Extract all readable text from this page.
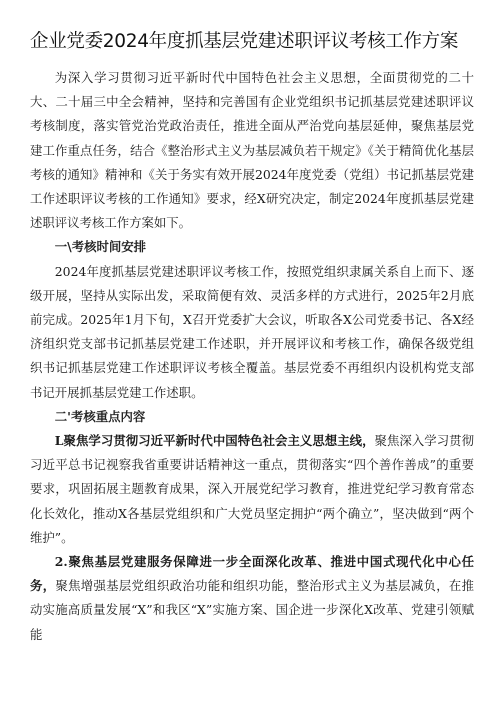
企业党委2024年度抓基层党建述职评议考核工作方案

为深入学习贯彻习近平新时代中国特色社会主义思想，全面贯彻党的二十大、二十届三中全会精神，坚持和完善国有企业党组织书记抓基层党建述职评议考核制度，落实管党治党政治责任，推进全面从严治党向基层延伸，聚焦基层党建工作重点任务，结合《整治形式主义为基层减负若干规定》《关于精简优化基层考核的通知》精神和《关于务实有效开展2024年度党委（党组）书记抓基层党建工作述职评议考核的工作通知》要求，经X研究决定，制定2024年度抓基层党建述职评议考核工作方案如下。

一\考核时间安排

2024年度抓基层党建述职评议考核工作，按照党组织隶属关系自上而下、逐级开展，坚持从实际出发，采取简便有效、灵活多样的方式进行，2025年2月底前完成。2025年1月下旬，X召开党委扩大会议，听取各X公司党委书记、各X经济组织党支部书记抓基层党建工作述职，并开展评议和考核工作，确保各级党组织书记抓基层党建工作述职评议考核全覆盖。基层党委不再组织内设机构党支部书记开展抓基层党建工作述职。

二'考核重点内容

L聚焦学习贯彻习近平新时代中国特色社会主义思想主线，聚焦深入学习贯彻习近平总书记视察我省重要讲话精神这一重点，贯彻落实“四个善作善成”的重要要求，巩固拓展主题教育成果，深入开展党纪学习教育，推进党纪学习教育常态化长效化，推动X各基层党组织和广大党员坚定拥护“两个确立”，坚决做到“两个维护”。

2.聚焦基层党建服务保障进一步全面深化改革、推进中国式现代化中心任务，聚焦增强基层党组织政治功能和组织功能，整治形式主义为基层减负，在推动实施高质量发展“X”和我区“X”实施方案、国企进一步深化X改革、党建引领赋能
